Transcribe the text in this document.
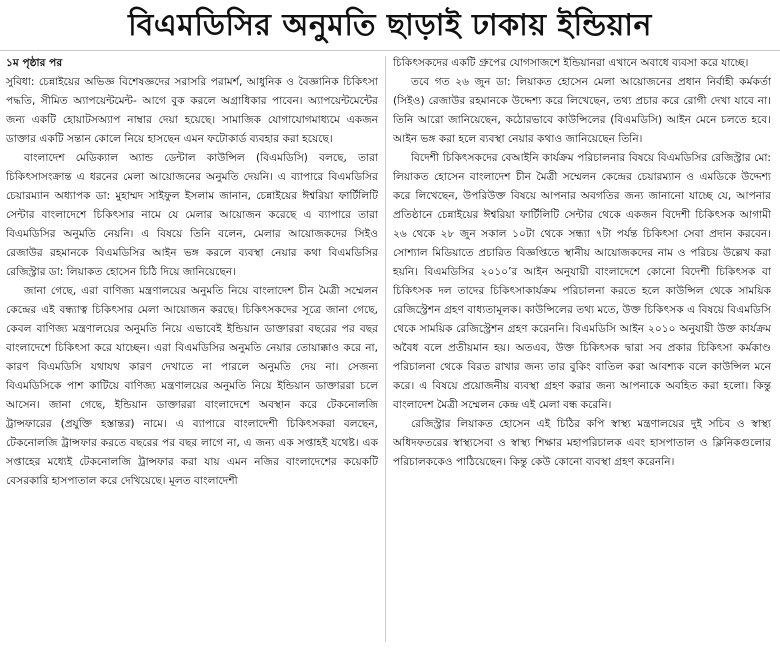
বিএমডিসির অনুমতি ছাড়াই ঢাকায় ইন্ডিয়ান
১ম পৃষ্ঠার পর

সুবিধা: চেন্নাইয়ের অভিজ্ঞ বিশেষজ্ঞদের সরাসরি পরামর্শ, আধুনিক ও বৈজ্ঞানিক চিকিৎসা পদ্ধতি, সীমিত অ্যাপয়েন্টমেন্ট- আগে বুক করলে অগ্রাধিকার পাবেন। অ্যাপয়েন্টমেন্টের জন্য একটি হোয়াটসঅ্যাপ নাম্বার দেয়া হয়েছে। সামাজিক যোগাযোগমাধ্যমে একজন ডাক্তার একটি সন্তান কোলে নিয়ে হাসছেন এমন ফটোকার্ড ব্যবহার করা হয়েছে।

বাংলাদেশ মেডিক্যাল অ্যান্ড ডেন্টাল কাউন্সিল (বিএমডিসি) বলছে, তারা চিকিৎসাসংক্রান্ত এ ধরনের মেলা আয়োজনের অনুমতি দেয়নি। এ ব্যাপারে বিএমডিসির চেয়ারম্যান অধ্যাপক ডা: মুহাম্মদ সাইফুল ইসলাম জানান, চেন্নাইয়ের ঈশ্বরিয়া ফার্টিলিটি সেন্টার বাংলাদেশে চিকিৎসার নামে যে মেলার আয়োজন করেছে এ ব্যাপারে তারা বিএমডিসির অনুমতি নেয়নি। এ বিষয়ে তিনি বলেন, মেলার আয়োজকদের সিইও রেজাউর রহমানকে বিএমডিসির আইন ভঙ্গ করলে ব্যবস্থা নেয়ার কথা বিএমডিসির রেজিস্ট্রার ডা: লিয়াকত হোসেন চিঠি দিয়ে জানিয়েছেন।

জানা গেছে, এরা বাণিজ্য মন্ত্রণালয়ের অনুমতি নিয়ে বাংলাদেশ চীন মৈত্রী সম্মেলন কেন্দ্রের এই বন্ধ্যাত্ব চিকিৎসার মেলা আয়োজন করছে। চিকিৎসকদের সূত্রে জানা গেছে, কেবল বাণিজ্য মন্ত্রণালয়ের অনুমতি নিয়ে এভাবেই ইন্ডিয়ান ডাক্তাররা বছরের পর বছর বাংলাদেশে চিকিৎসা করে যাচ্ছেন। এরা বিএমডিসির অনুমতি নেয়ার তোয়াক্কাও করে না, কারণ বিএমডিসি যথাযথ কারণ দেখাতে না পারলে অনুমতি দেয় না। সেজন্য বিএমডিসিকে পাশ কাটিয়ে বাণিজ্য মন্ত্রণালয়ের অনুমতি নিয়ে ইন্ডিয়ান ডাক্তাররা চলে আসেন। জানা গেছে, ইন্ডিয়ান ডাক্তাররা বাংলাদেশে অবস্থান করে টেকনোলজি ট্রান্সফারের (প্রযুক্তি হস্তান্তর) নামে। এ ব্যাপারে বাংলাদেশী চিকিৎসকরা বলছেন, টেকনোলজি ট্রান্সফার করতে বছরের পর বছর লাগে না, এ জন্য এক সপ্তাহই যথেষ্ট। এক সপ্তাহের মধ্যেই টেকনোলজি ট্রান্সফার করা যায় এমন নজির বাংলাদেশের কয়েকটি বেসরকারি হাসপাতাল করে দেখিয়েছে। মূলত বাংলাদেশী

চিকিৎসকদের একটি গ্রুপের যোগসাজশে ইন্ডিয়ানরা এখানে অবাধে ব্যবসা করে যাচ্ছে।

তবে গত ২৬ জুন ডা: লিয়াকত হোসেন মেলা আয়োজনের প্রধান নির্বাহী কর্মকর্তা (সিইও) রেজাউর রহমানকে উদ্দেশ্য করে লিখেছেন, তথ্য প্রচার করে রোগী দেখা যাবে না। তিনি আরো জানিয়েছেন, কঠোরভাবে কাউন্সিলের (বিএমডিসি) আইন মেনে চলতে হবে। আইন ভঙ্গ করা হলে ব্যবস্থা নেয়ার কথাও জানিয়েছেন তিনি।

বিদেশী চিকিৎসকদের বেআইনি কার্যক্রম পরিচালনার বিষয়ে বিএমডিসির রেজিস্ট্রার মো: লিয়াকত হোসেন বাংলাদেশ চীন মৈত্রী সম্মেলন কেন্দ্রের চেয়ারম্যান ও এমডিকে উদ্দেশ্য করে লিখেছেন, উপরিউক্ত বিষয়ে আপনার অবগতির জন্য জানানো যাচ্ছে যে, আপনার প্রতিষ্ঠানে চেন্নাইয়ের ঈশ্বরিয়া ফার্টিলিটি সেন্টার থেকে একজন বিদেশী চিকিৎসক আগামী ২৬ থেকে ২৮ জুন সকাল ১০টা থেকে সন্ধ্যা ৭টা পর্যন্ত চিকিৎসা সেবা প্রদান করবেন। সোশ্যাল মিডিয়াতে প্রচারিত বিজ্ঞপ্তিতে স্থানীয় আয়োজকদের নাম ও পরিচয় উল্লেখ করা হয়নি। বিএমডিসির ২০১০’র আইন অনুযায়ী বাংলাদেশে কোনো বিদেশী চিকিৎসক বা চিকিৎসক দল তাদের চিকিৎসাকার্যক্রম পরিচালনা করতে হলে কাউন্সিল থেকে সাময়িক রেজিস্ট্রেশন গ্রহণ বাধ্যতামূলক। কাউন্সিলের তথ্য মতে, উক্ত চিকিৎসক এ বিষয়ে বিএমডিসি থেকে সাময়িক রেজিস্ট্রেশন গ্রহণ করেননি। বিএমডিসি আইন ২০১০ অনুযায়ী উক্ত কার্যক্রম অবৈধ বলে প্রতীয়মান হয়। অতএব, উক্ত চিকিৎসক দ্বারা সব প্রকার চিকিৎসা কর্মকাণ্ড পরিচালনা থেকে বিরত রাখার জন্য তার বুকিং বাতিল করা আবশ্যক বলে কাউন্সিল মনে করে। এ বিষয়ে প্রয়োজনীয় ব্যবস্থা গ্রহণ করার জন্য আপনাকে অবহিত করা হলো। কিন্তু বাংলাদেশ মৈত্রী সম্মেলন কেন্দ্র এই মেলা বন্ধ করেনি।

রেজিস্ট্রার লিয়াকত হোসেন এই চিঠির কপি স্বাস্থ্য মন্ত্রণালয়ের দুই সচিব ও স্বাস্থ্য অধিদফতরের স্বাস্থ্যসেবা ও স্বাস্থ্য শিক্ষার মহাপরিচালক এবং হাসপাতাল ও ক্লিনিকগুলোর পরিচালককেও পাঠিয়েছেন। কিন্তু কেউ কোনো ব্যবস্থা গ্রহণ করেননি।
